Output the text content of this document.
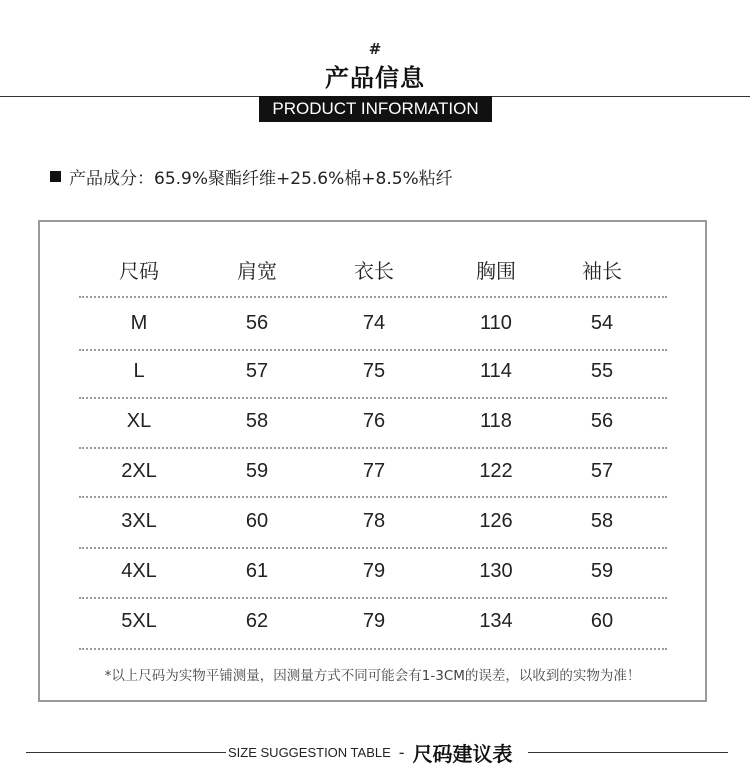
#
产品信息
PRODUCT INFORMATION
产品成分：65.9%聚酯纤维+25.6%棉+8.5%粘纤
尺码	肩宽	衣长	胸围	袖长
M	56	74	110	54
L	57	75	114	55
XL	58	76	118	56
2XL	59	77	122	57
3XL	60	78	126	58
4XL	61	79	130	59
5XL	62	79	134	60
*以上尺码为实物平铺测量，因测量方式不同可能会有1-3CM的误差，以收到的实物为准！
SIZE SUGGESTION TABLE - 尺码建议表
